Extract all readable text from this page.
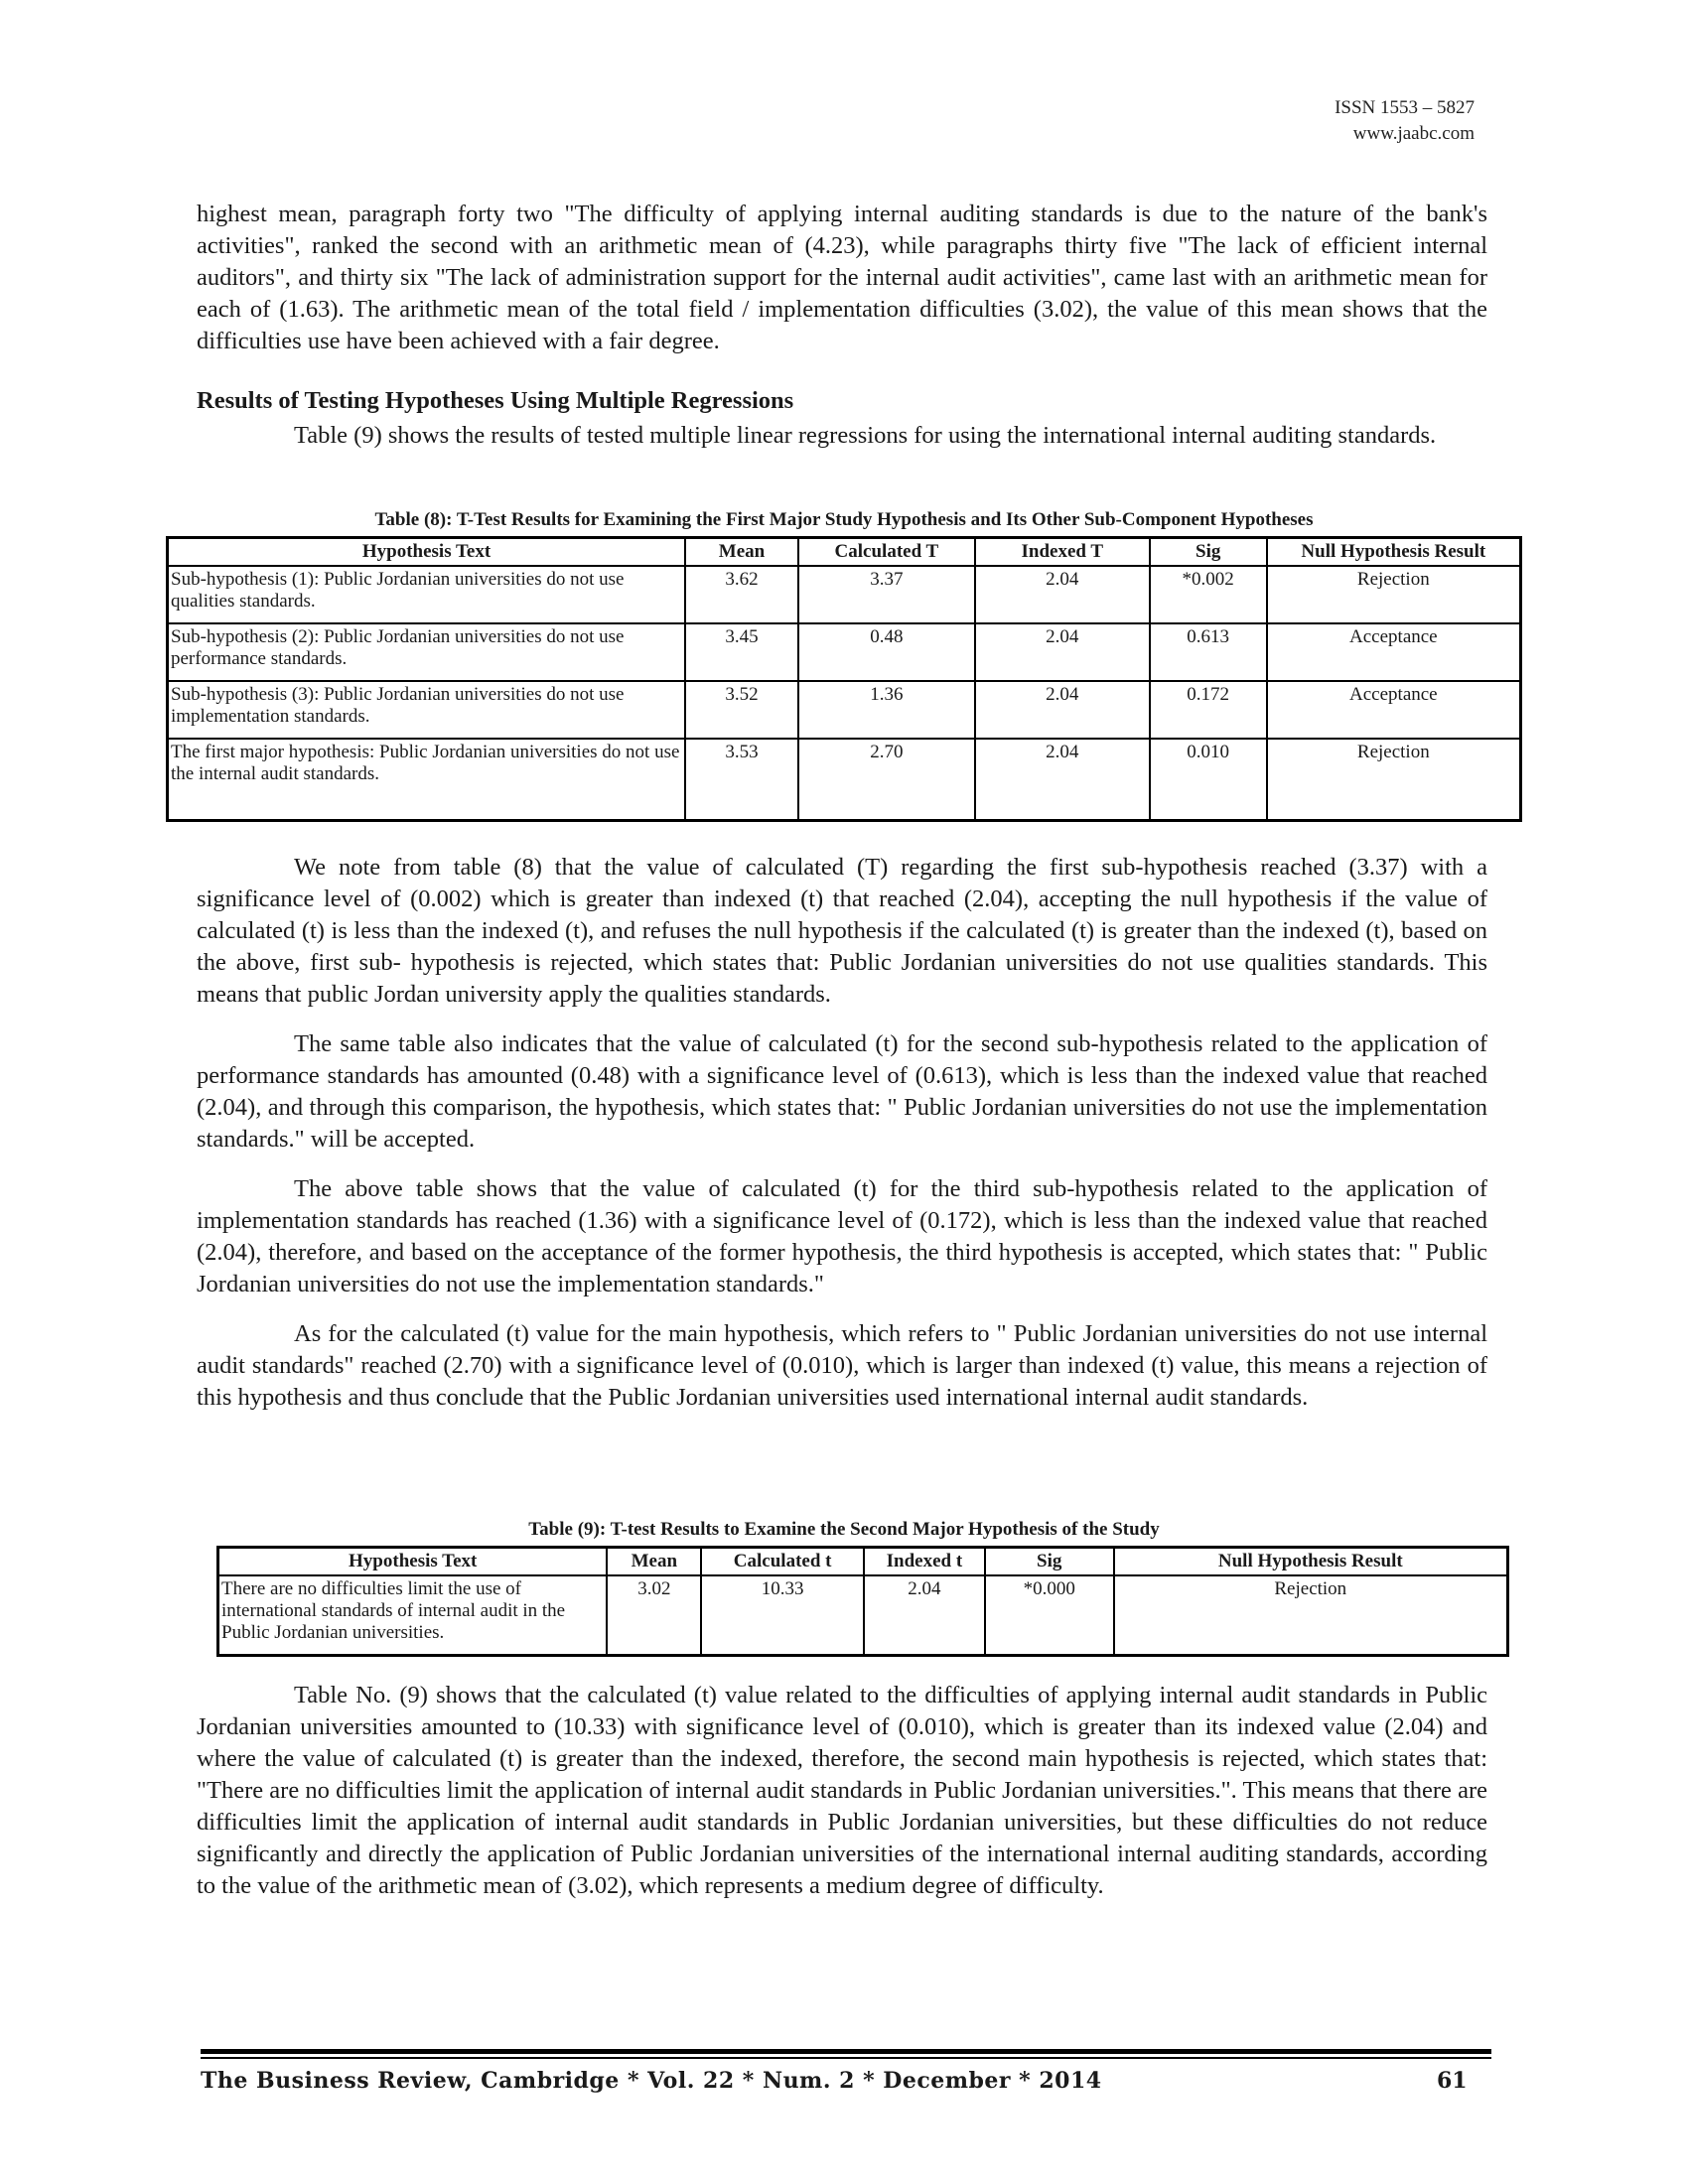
ISSN 1553 – 5827
www.jaabc.com

highest mean, paragraph forty two "The difficulty of applying internal auditing standards is due to the nature of the bank's activities", ranked the second with an arithmetic mean of (4.23), while paragraphs thirty five "The lack of efficient internal auditors", and thirty six "The lack of administration support for the internal audit activities", came last with an arithmetic mean for each of (1.63). The arithmetic mean of the total field / implementation difficulties (3.02), the value of this mean shows that the difficulties use have been achieved with a fair degree.

Results of Testing Hypotheses Using Multiple Regressions

Table (9) shows the results of tested multiple linear regressions for using the international internal auditing standards.

Table (8): T-Test Results for Examining the First Major Study Hypothesis and Its Other Sub-Component Hypotheses
Hypothesis Text	Mean	Calculated T	Indexed T	Sig	Null Hypothesis Result
Sub-hypothesis (1): Public Jordanian universities do not use qualities standards.	3.62	3.37	2.04	*0.002	Rejection
Sub-hypothesis (2): Public Jordanian universities do not use performance standards.	3.45	0.48	2.04	0.613	Acceptance
Sub-hypothesis (3): Public Jordanian universities do not use implementation standards.	3.52	1.36	2.04	0.172	Acceptance
The first major hypothesis: Public Jordanian universities do not use the internal audit standards.	3.53	2.70	2.04	0.010	Rejection

We note from table (8) that the value of calculated (T) regarding the first sub-hypothesis reached (3.37) with a significance level of (0.002) which is greater than indexed (t) that reached (2.04), accepting the null hypothesis if the value of calculated (t) is less than the indexed (t), and refuses the null hypothesis if the calculated (t) is greater than the indexed (t), based on the above, first sub- hypothesis is rejected, which states that: Public Jordanian universities do not use qualities standards. This means that public Jordan university apply the qualities standards.

The same table also indicates that the value of calculated (t) for the second sub-hypothesis related to the application of performance standards has amounted (0.48) with a significance level of (0.613), which is less than the indexed value that reached (2.04), and through this comparison, the hypothesis, which states that: " Public Jordanian universities do not use the implementation standards." will be accepted.

The above table shows that the value of calculated (t) for the third sub-hypothesis related to the application of implementation standards has reached (1.36) with a significance level of (0.172), which is less than the indexed value that reached (2.04), therefore, and based on the acceptance of the former hypothesis, the third hypothesis is accepted, which states that: " Public Jordanian universities do not use the implementation standards."

As for the calculated (t) value for the main hypothesis, which refers to " Public Jordanian universities do not use internal audit standards" reached (2.70) with a significance level of (0.010), which is larger than indexed (t) value, this means a rejection of this hypothesis and thus conclude that the Public Jordanian universities used international internal audit standards.

Table (9): T-test Results to Examine the Second Major Hypothesis of the Study
Hypothesis Text	Mean	Calculated t	Indexed t	Sig	Null Hypothesis Result
There are no difficulties limit the use of international standards of internal audit in the Public Jordanian universities.	3.02	10.33	2.04	*0.000	Rejection

Table No. (9) shows that the calculated (t) value related to the difficulties of applying internal audit standards in Public Jordanian universities amounted to (10.33) with significance level of (0.010), which is greater than its indexed value (2.04) and where the value of calculated (t) is greater than the indexed, therefore, the second main hypothesis is rejected, which states that: "There are no difficulties limit the application of internal audit standards in Public Jordanian universities.". This means that there are difficulties limit the application of internal audit standards in Public Jordanian universities, but these difficulties do not reduce significantly and directly the application of Public Jordanian universities of the international internal auditing standards, according to the value of the arithmetic mean of (3.02), which represents a medium degree of difficulty.

The Business Review, Cambridge * Vol. 22 * Num. 2 * December * 2014	61
